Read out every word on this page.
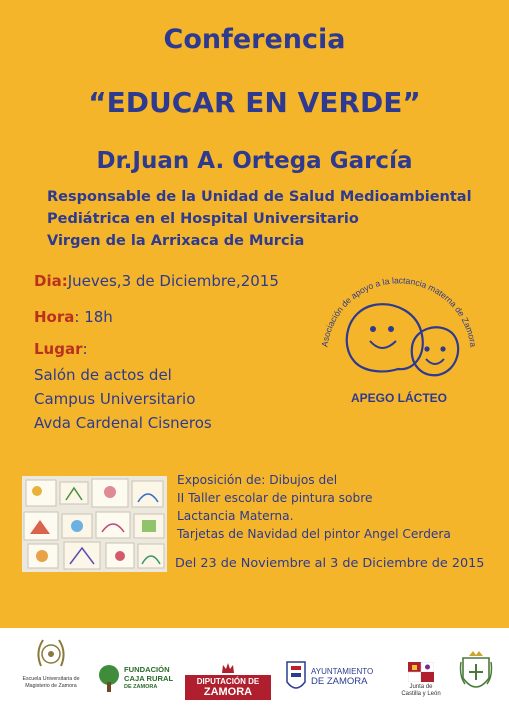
Conferencia
“EDUCAR EN VERDE”
Dr.Juan A. Ortega García
Responsable de la Unidad de Salud Medioambiental
Pediátrica en el Hospital Universitario
Virgen de la Arrixaca de Murcia
Dia:Jueves,3 de Diciembre,2015
Hora: 18h
Lugar:
Salón de actos del
Campus Universitario
Avda Cardenal Cisneros
Asociación de apoyo a la lactancia materna de Zamora
APEGO LÁCTEO
Exposición de: Dibujos del
II Taller escolar de pintura sobre
Lactancia Materna.
Tarjetas de Navidad del pintor Angel Cerdera
Del 23 de Noviembre al 3 de Diciembre de 2015
Escuela Universitaria de Magisterio de Zamora
FUNDACIÓN
CAJA RURAL
DE ZAMORA
DIPUTACIÓN DE
ZAMORA
AYUNTAMIENTO
DE ZAMORA	Junta de
Castilla y León
